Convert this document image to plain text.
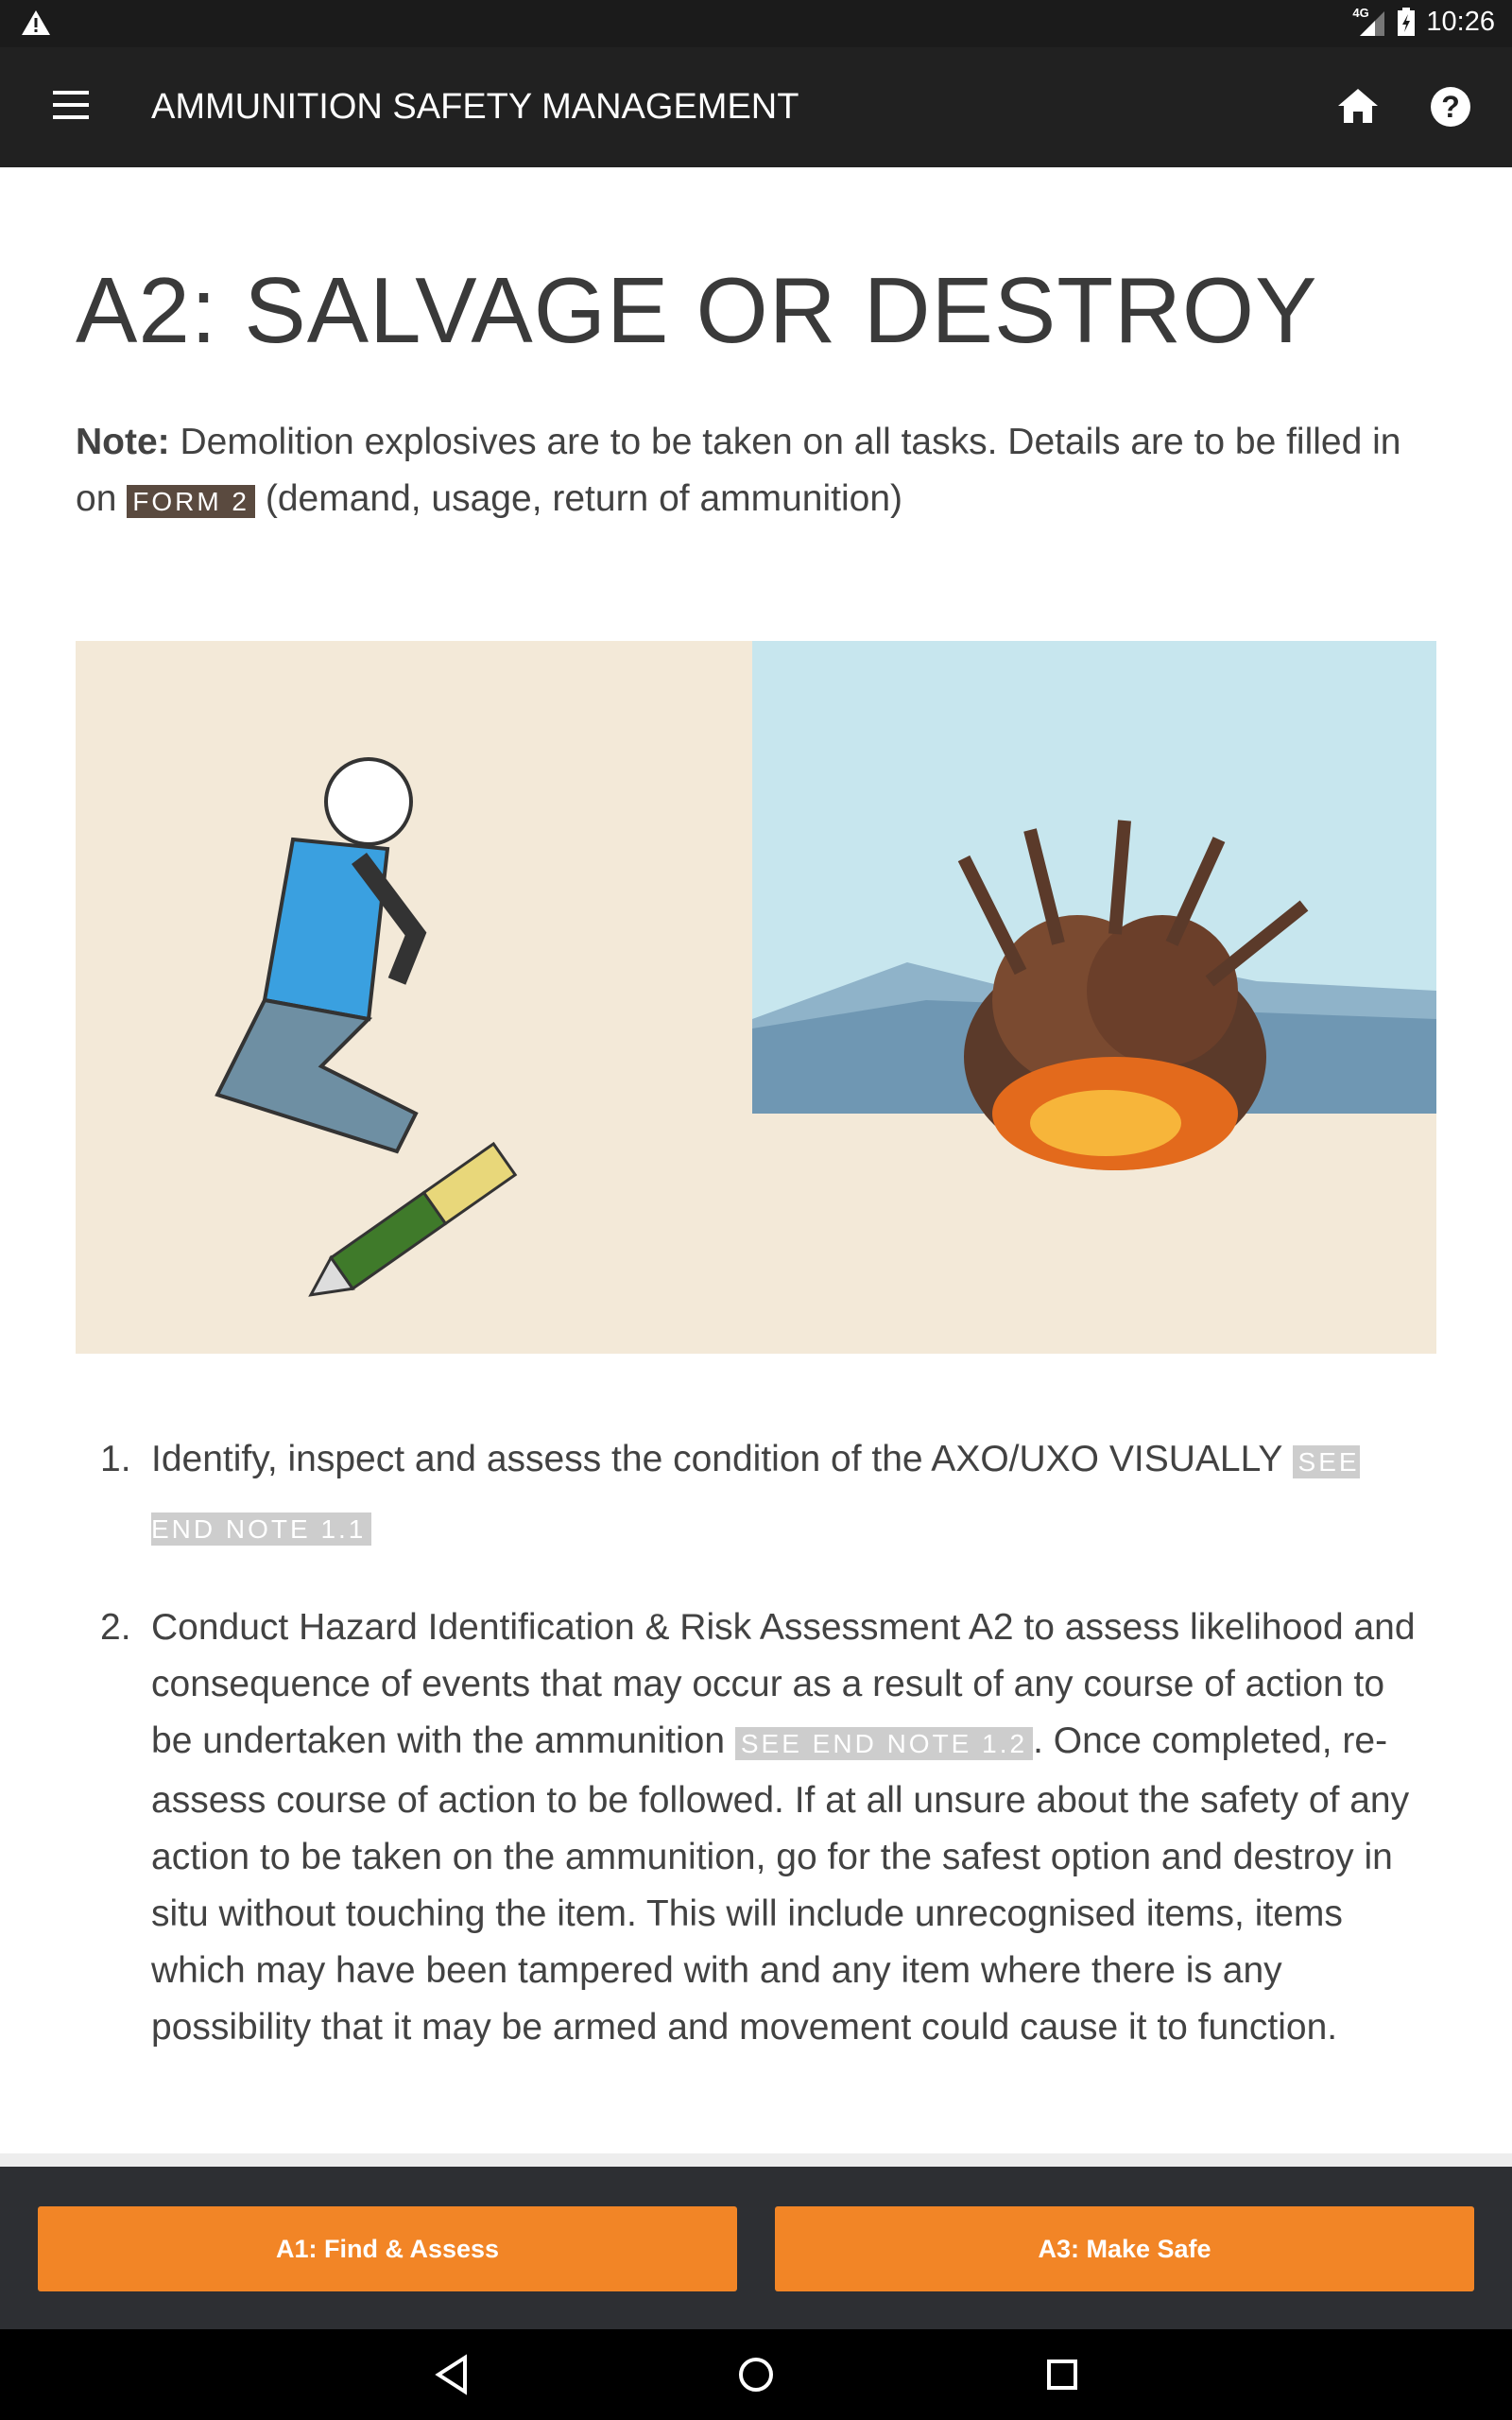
4G 10:26
AMMUNITION SAFETY MANAGEMENT	?
A2: SALVAGE OR DESTROY

Note: Demolition explosives are to be taken on all tasks. Details are to be filled in on FORM 2 (demand, usage, return of ammunition)

1. Identify, inspect and assess the condition of the AXO/UXO VISUALLY SEE END NOTE 1.1
2. Conduct Hazard Identification & Risk Assessment A2 to assess likelihood and consequence of events that may occur as a result of any course of action to be undertaken with the ammunition SEE END NOTE 1.2 . Once completed, re-assess course of action to be followed. If at all unsure about the safety of any action to be taken on the ammunition, go for the safest option and destroy in situ without touching the item. This will include unrecognised items, items which may have been tampered with and any item where there is any possibility that it may be armed and movement could cause it to function.
A1: Find & Assess	A3: Make Safe
